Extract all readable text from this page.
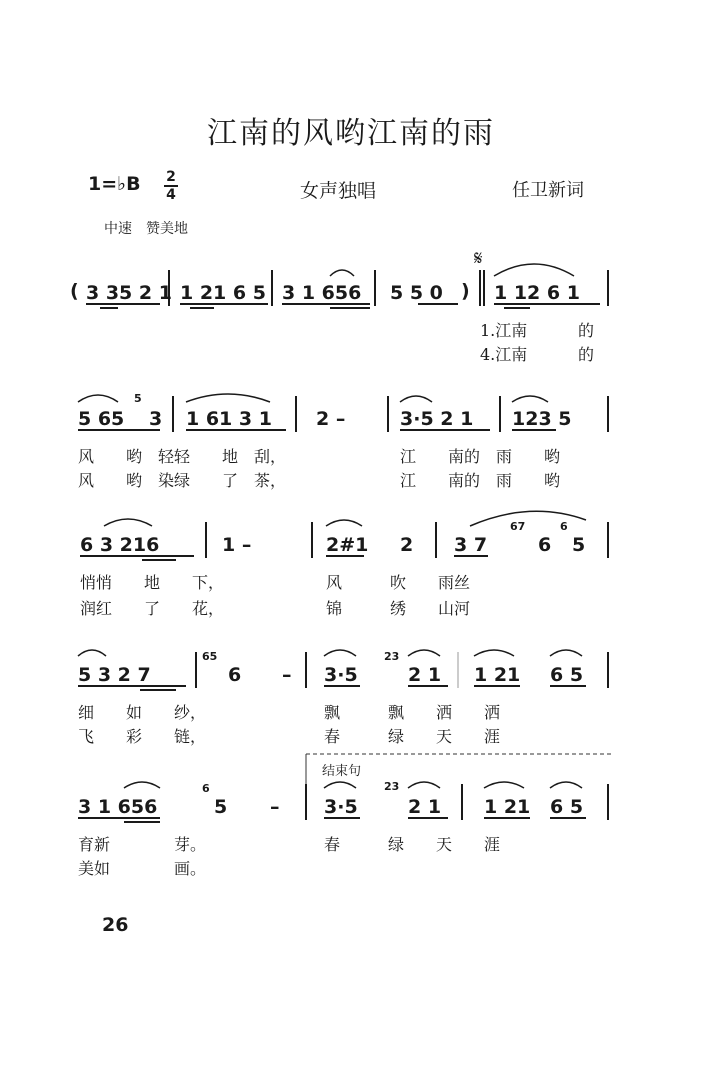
江南的风哟江南的雨
1=♭B 2
4	女声独唱	任卫新词
中速　赞美地
𝄋
结束句
26
( 3 35 2 1 1 21 6 5 3 1 656 5 5 0 ) 1 12 6 1
1.江南	的
4.江南	的
5 65 3 1 61 3 1 2 –	3·5 2 1 123 5
风　　哟　轻轻　　地　刮，	江　　南的　雨　　哟
风　　哟　染绿　　了　茶，	江　　南的　雨　　哟
6 3 216	1 –	2#1 2 3 7	6 5
悄悄　　地　　下，	风　　　吹　　雨丝
润红　　了　　花，	锦　　　绣　　山河
5 3 2 7	6 – 3·5	2 1 1 21 6 5
细　　如　　纱，	飘　　　飘　　洒　　洒
飞　　彩　　链，	春　　　绿　　天　　涯
3 1 656	5 – 3·5	2 1 1 21 6 5
育新　　　　芽。	春　　　绿　　天　　涯
美如　　　　画。
5
67	6
65	23
6	23
